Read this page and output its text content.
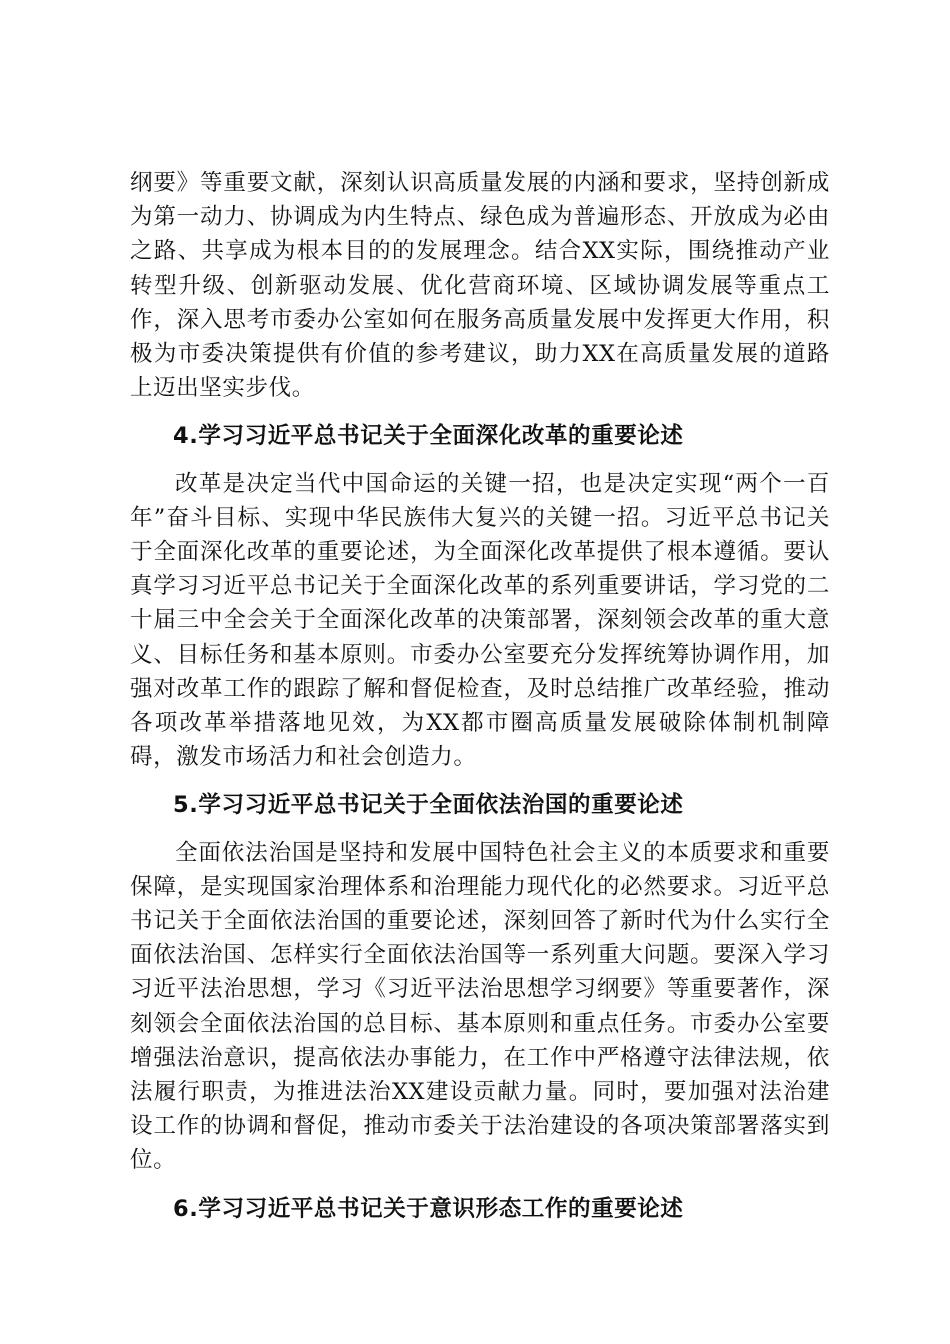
纲要》等重要文献，深刻认识高质量发展的内涵和要求，坚持创新成为第一动力、协调成为内生特点、绿色成为普遍形态、开放成为必由之路、共享成为根本目的的发展理念。结合XX实际，围绕推动产业转型升级、创新驱动发展、优化营商环境、区域协调发展等重点工作，深入思考市委办公室如何在服务高质量发展中发挥更大作用，积极为市委决策提供有价值的参考建议，助力XX在高质量发展的道路上迈出坚实步伐。

4.学习习近平总书记关于全面深化改革的重要论述

改革是决定当代中国命运的关键一招，也是决定实现“两个一百年”奋斗目标、实现中华民族伟大复兴的关键一招。习近平总书记关于全面深化改革的重要论述，为全面深化改革提供了根本遵循。要认真学习习近平总书记关于全面深化改革的系列重要讲话，学习党的二十届三中全会关于全面深化改革的决策部署，深刻领会改革的重大意义、目标任务和基本原则。市委办公室要充分发挥统筹协调作用，加强对改革工作的跟踪了解和督促检查，及时总结推广改革经验，推动各项改革举措落地见效，为XX都市圈高质量发展破除体制机制障碍，激发市场活力和社会创造力。

5.学习习近平总书记关于全面依法治国的重要论述

全面依法治国是坚持和发展中国特色社会主义的本质要求和重要保障，是实现国家治理体系和治理能力现代化的必然要求。习近平总书记关于全面依法治国的重要论述，深刻回答了新时代为什么实行全面依法治国、怎样实行全面依法治国等一系列重大问题。要深入学习习近平法治思想，学习《习近平法治思想学习纲要》等重要著作，深刻领会全面依法治国的总目标、基本原则和重点任务。市委办公室要增强法治意识，提高依法办事能力，在工作中严格遵守法律法规，依法履行职责，为推进法治XX建设贡献力量。同时，要加强对法治建设工作的协调和督促，推动市委关于法治建设的各项决策部署落实到位。

6.学习习近平总书记关于意识形态工作的重要论述
